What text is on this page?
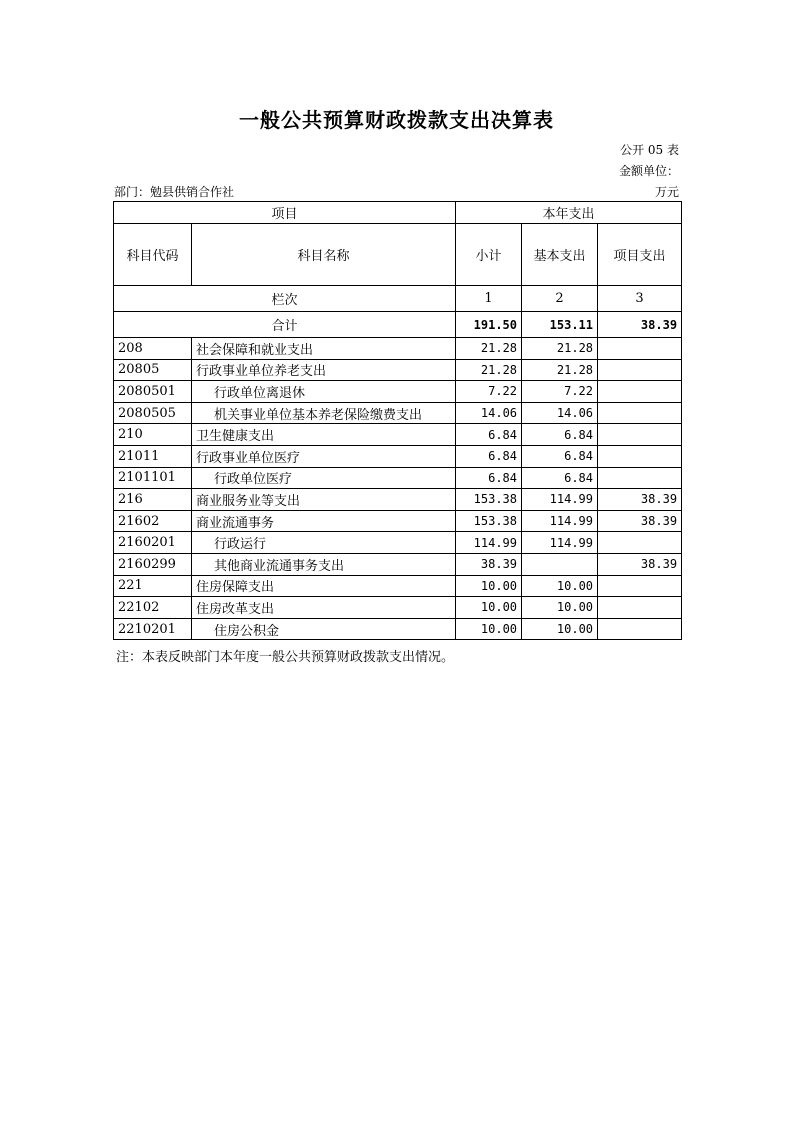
一般公共预算财政拨款支出决算表
公开 05 表
金额单位：
部门：勉县供销合作社	万元
项目		本年支出		
科目代码	科目名称	小计	基本支出	项目支出
栏次		1	2	3
合计		191.50	153.11	38.39
208	社会保障和就业支出	21.28	21.28	
20805	行政事业单位养老支出	21.28	21.28	
2080501	行政单位离退休	7.22	7.22	
2080505	机关事业单位基本养老保险缴费支出	14.06	14.06	
210	卫生健康支出	6.84	6.84	
21011	行政事业单位医疗	6.84	6.84	
2101101	行政单位医疗	6.84	6.84	
216	商业服务业等支出	153.38	114.99	38.39
21602	商业流通事务	153.38	114.99	38.39
2160201	行政运行	114.99	114.99	
2160299	其他商业流通事务支出	38.39		38.39
221	住房保障支出	10.00	10.00	
22102	住房改革支出	10.00	10.00	
2210201	住房公积金	10.00	10.00	
注：本表反映部门本年度一般公共预算财政拨款支出情况。
